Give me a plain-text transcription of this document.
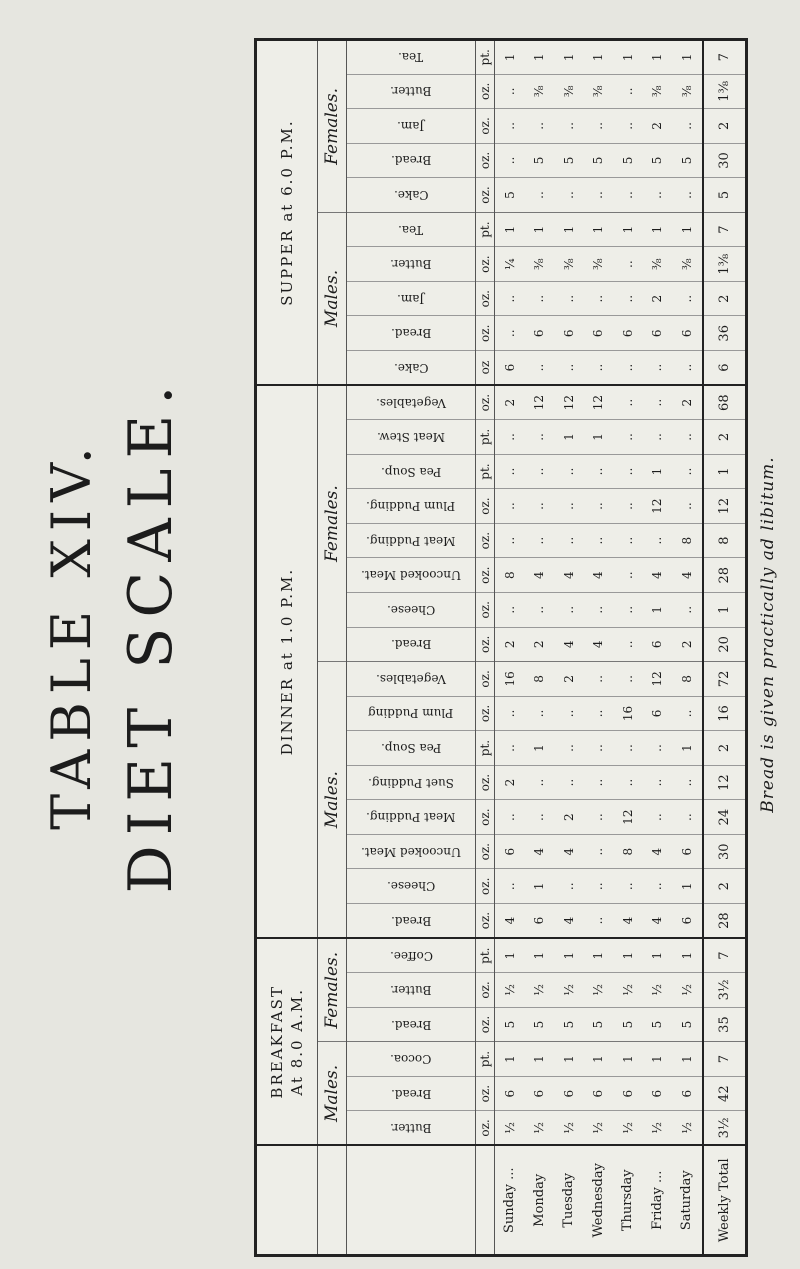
TABLE XIV. DIET SCALE.

	BREAKFAST At 8.0 A.M.						DINNER at 1.0 P.M.																SUPPER at 6.0 P.M.									
	Males.			Females.			Males.								Females.								Males.					Females.				

	Butter.	Bread.	Cocoa.	Bread.	Butter.	Coffee.	Bread.	Cheese.	Uncooked Meat.	Meat Pudding.	Suet Pudding.	Pea Soup.	Plum Pudding	Vegetables.	Bread.	Cheese.	Uncooked Meat.	Meat Pudding.	Plum Pudding.	Pea Soup.	Meat Stew.	Vegetables.	Cake.	Bread.	Jam.	Butter.	Tea.	Cake.	Bread.	Jam.	Butter.	Tea.

	oz.	oz.	pt.	oz.	oz.	pt.	oz.	oz.	oz.	oz.	oz.	pt.	oz.	oz.	oz.	oz.	oz.	oz.	oz.	pt.	pt.	oz.	oz	oz.	oz.	oz.	pt.	oz.	oz.	oz.	oz.	pt.
Sunday ...	½	6	1	5	½	1	4	..	6	..	2	..	..	16	2	..	8	..	..	..	..	2	6	..	..	¼	1	5	..	..	..	1
Monday	½	6	1	5	½	1	6	1	4	..	..	1	..	8	2	..	4	..	..	..	..	12	..	6	..	⅜	1	..	5	..	⅜	1
Tuesday	½	6	1	5	½	1	4	..	4	2	..	..	..	2	4	..	4	..	..	..	1	12	..	6	..	⅜	1	..	5	..	⅜	1
Wednesday	½	6	1	5	½	1	..	..	..	..	..	..	..	..	4	..	4	..	..	..	1	12	..	6	..	⅜	1	..	5	..	⅜	1
Thursday	½	6	1	5	½	1	4	..	8	12	..	..	16	..	..	..	..	..	..	..	..	..	..	6	..	..	1	..	5	..	..	1
Friday ...	½	6	1	5	½	1	4	..	4	..	..	..	6	12	6	1	4	..	12	1	..	..	..	6	2	⅜	1	..	5	2	⅜	1
Saturday	½	6	1	5	½	1	6	1	6	..	..	1	..	8	2	..	4	8	..	..	..	2	..	6	..	⅜	1	..	5	..	⅜	1
Weekly Total	3½	42	7	35	3½	7	28	2	30	24	12	2	16	72	20	1	28	8	12	1	2	68	6	36	2	1⅜	7	5	30	2	1⅜	7
Bread is given practically ad libitum.
